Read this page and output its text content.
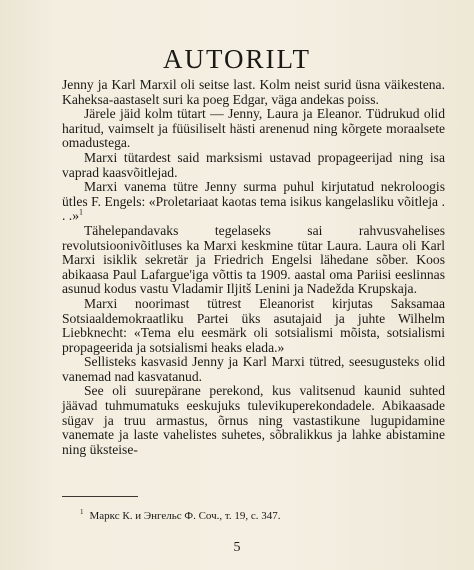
AUTORILT

Jenny ja Karl Marxil oli seitse last. Kolm neist surid üsna väikestena. Kaheksa-aastaselt suri ka poeg Edgar, väga andekas poiss.

Järele jäid kolm tütart — Jenny, Laura ja Eleanor. Tüdrukud olid haritud, vaimselt ja füüsiliselt hästi arenenud ning kõrgete moraalsete omadustega.

Marxi tütardest said marksismi ustavad propageerijad ning isa vaprad kaasvõitlejad.

Marxi vanema tütre Jenny surma puhul kirjutatud nekroloogis ütles F. Engels: «Proletariaat kaotas tema isikus kangelasliku võitleja . . .»$^1$

Tähelepandavaks tegelaseks sai rahvusvahelises revolutsioonivõitluses ka Marxi keskmine tütar Laura. Laura oli Karl Marxi isiklik sekretär ja Friedrich Engelsi lähedane sõber. Koos abikaasa Paul Lafargue'iga võttis ta 1909. aastal oma Pariisi eeslinnas asunud kodus vastu Vladamir Iljitš Lenini ja Nadežda Krupskaja.

Marxi noorimast tütrest Eleanorist kirjutas Saksamaa Sotsiaaldemokraatliku Partei üks asutajaid ja juhte Wilhelm Liebknecht: «Tema elu eesmärk oli sotsialismi mõista, sotsialismi propageerida ja sotsialismi heaks elada.»

Sellisteks kasvasid Jenny ja Karl Marxi tütred, seesugusteks olid vanemad nad kasvatanud.

See oli suurepärane perekond, kus valitsenud kaunid suhted jäävad tuhmumatuks eeskujuks tulevikuperekondadele. Abikaasade sügav ja truu armastus, õrnus ning vastastikune lugupidamine vanemate ja laste vahelistes suhetes, sõbralikkus ja lahke abistamine ning üksteise-

$^1$ Маркс К. и Энгельс Ф. Соч., т. 19, с. 347.

5
